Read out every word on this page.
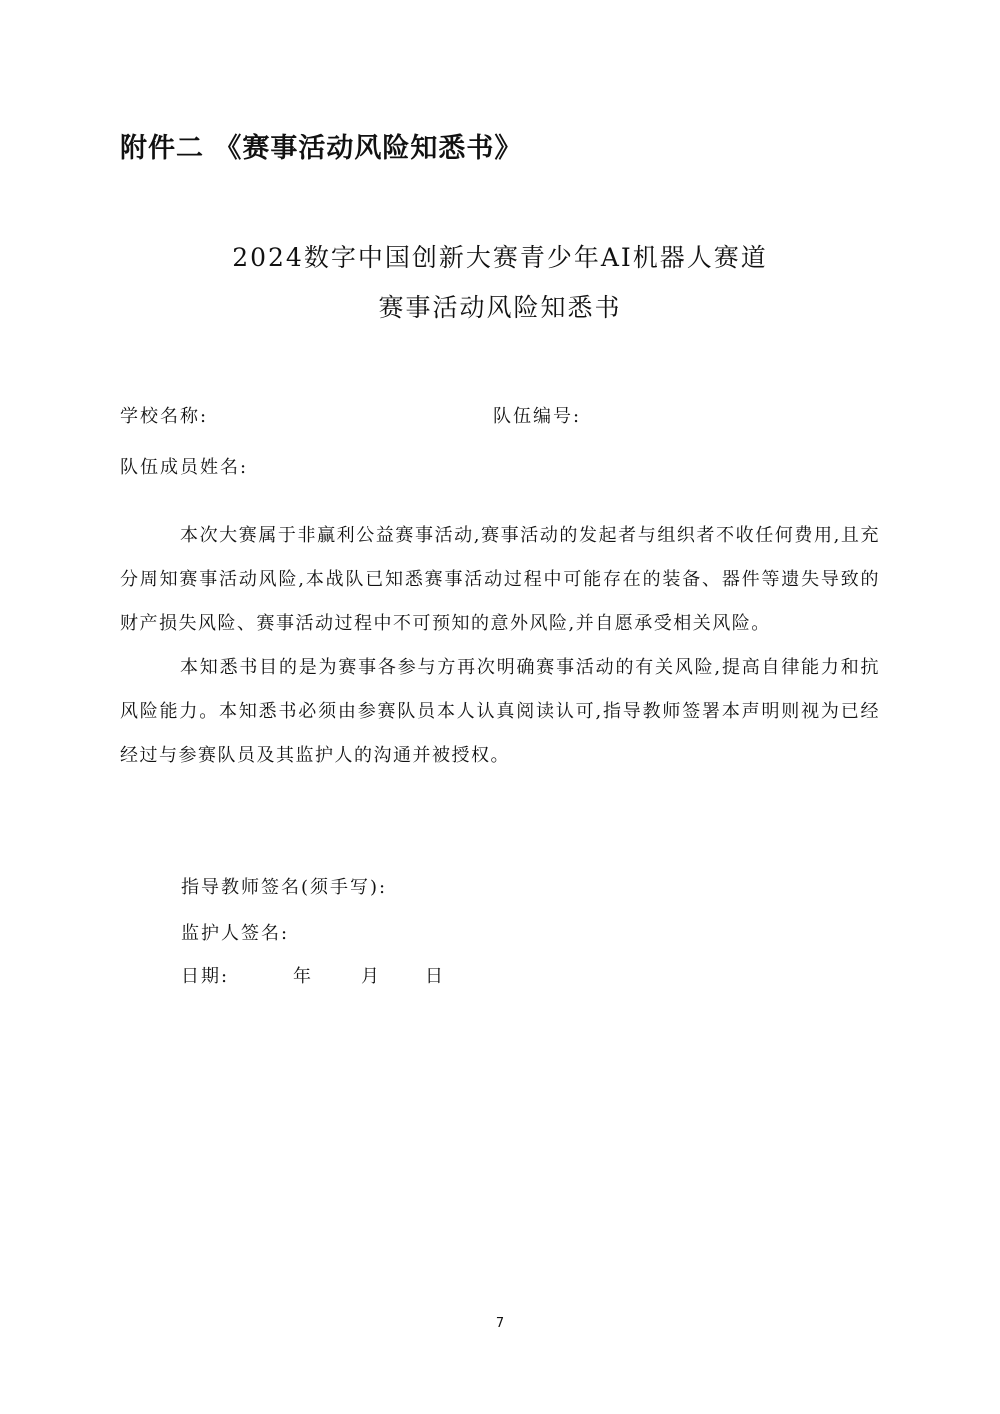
附件二 《赛事活动风险知悉书》
2024数字中国创新大赛青少年AI机器人赛道
赛事活动风险知悉书
学校名称:	队伍编号:
队伍成员姓名:

本次大赛属于非赢利公益赛事活动,赛事活动的发起者与组织者不收任何费用,且充分周知赛事活动风险,本战队已知悉赛事活动过程中可能存在的装备、器件等遗失导致的财产损失风险、赛事活动过程中不可预知的意外风险,并自愿承受相关风险。

本知悉书目的是为赛事各参与方再次明确赛事活动的有关风险,提高自律能力和抗风险能力。本知悉书必须由参赛队员本人认真阅读认可,指导教师签署本声明则视为已经经过与参赛队员及其监护人的沟通并被授权。

指导教师签名(须手写):
监护人签名:
日期:	年	月	日
7
